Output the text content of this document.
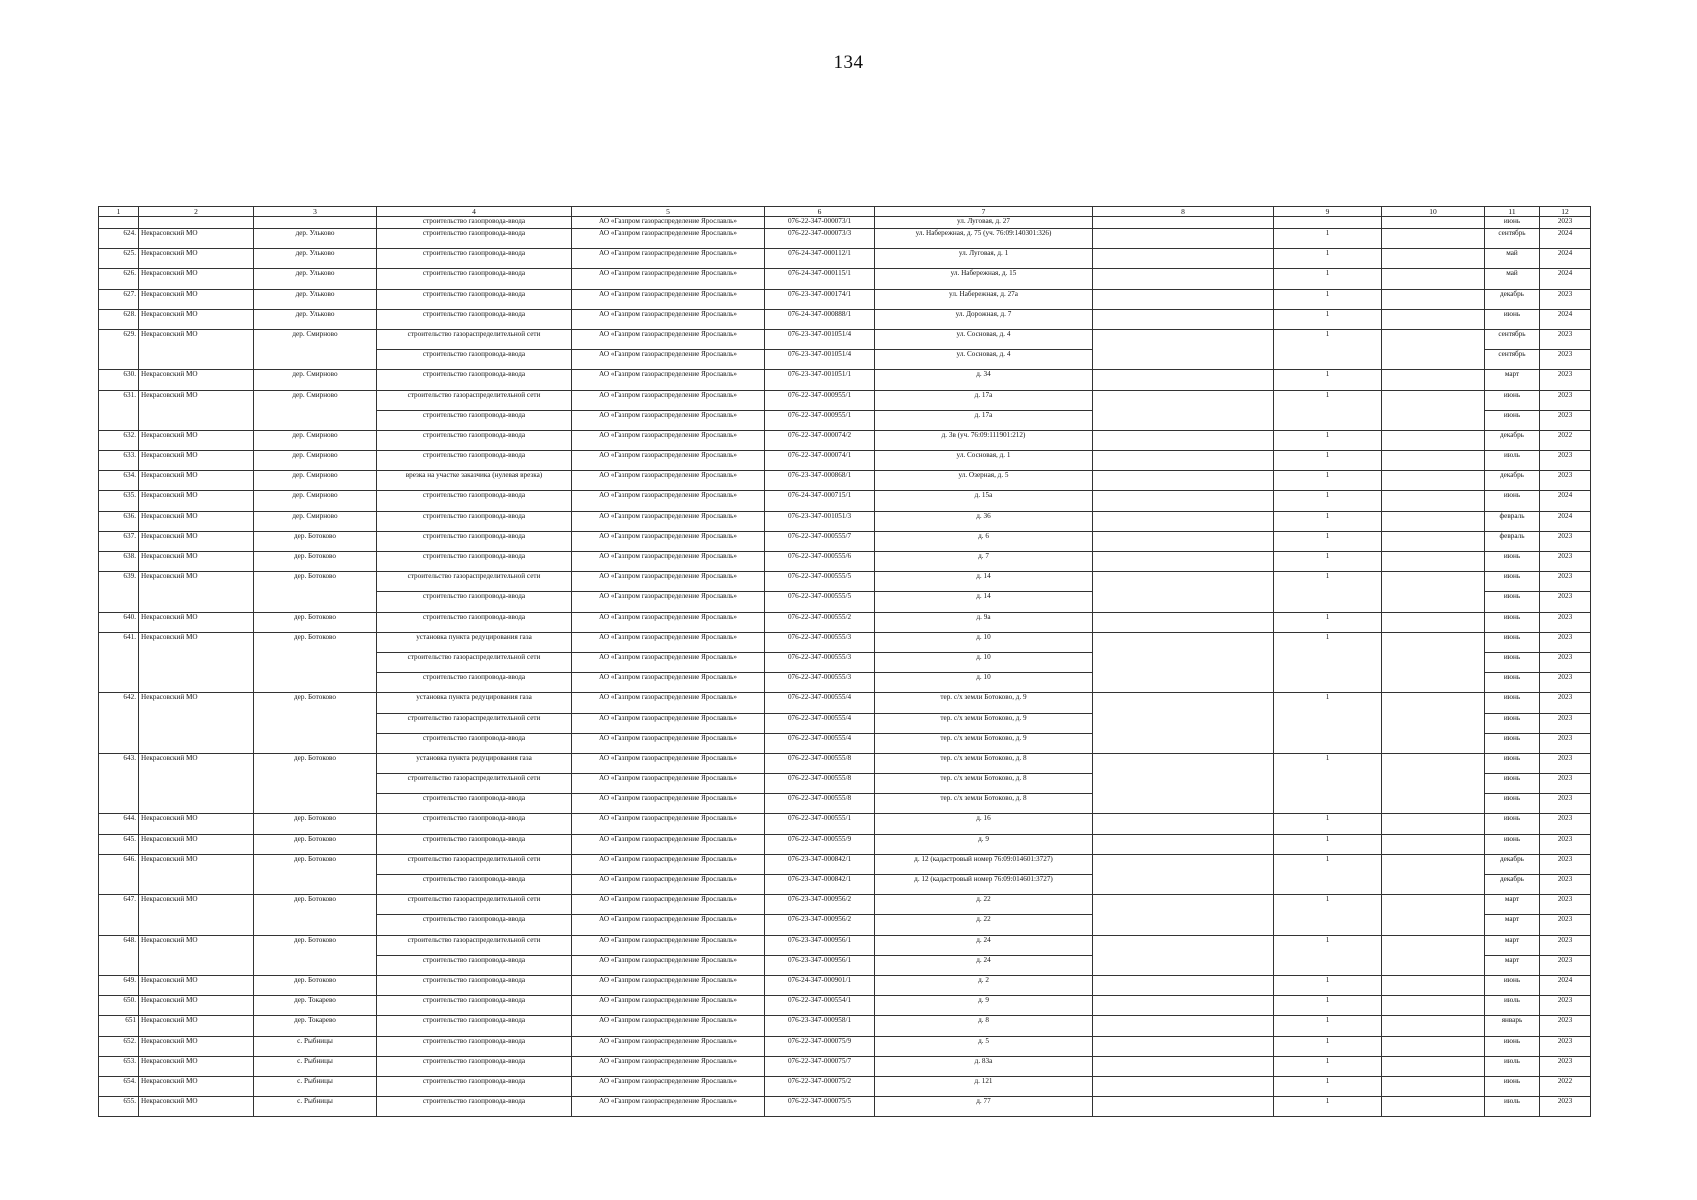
134
1	2	3	4	5	6	7	8	9	10	11	12
			строительство газопровода-ввода	АО «Газпром газораспределение Ярославль»	076-22-347-000073/1	ул. Луговая, д. 27				июнь	2023
624.	Некрасовский МО	дер. Ульково	строительство газопровода-ввода	АО «Газпром газораспределение Ярославль»	076-22-347-000073/3	ул. Набережная, д. 75 (уч. 76:09:140301:326)		1		сентябрь	2024
625.	Некрасовский МО	дер. Ульково	строительство газопровода-ввода	АО «Газпром газораспределение Ярославль»	076-24-347-000112/1	ул. Луговая, д. 1		1		май	2024
626.	Некрасовский МО	дер. Ульково	строительство газопровода-ввода	АО «Газпром газораспределение Ярославль»	076-24-347-000115/1	ул. Набережная, д. 15		1		май	2024
627.	Некрасовский МО	дер. Ульково	строительство газопровода-ввода	АО «Газпром газораспределение Ярославль»	076-23-347-000174/1	ул. Набережная, д. 27а		1		декабрь	2023
628.	Некрасовский МО	дер. Ульково	строительство газопровода-ввода	АО «Газпром газораспределение Ярославль»	076-24-347-000888/1	ул. Дорожная, д. 7		1		июнь	2024
629.	Некрасовский МО	дер. Смирново	строительство газораспределительной сети	АО «Газпром газораспределение Ярославль»	076-23-347-001051/4	ул. Сосновая, д. 4		1		сентябрь	2023
			строительство газопровода-ввода	АО «Газпром газораспределение Ярославль»	076-23-347-001051/4	ул. Сосновая, д. 4				сентябрь	2023
630.	Некрасовский МО	дер. Смирново	строительство газопровода-ввода	АО «Газпром газораспределение Ярославль»	076-23-347-001051/1	д. 34		1		март	2023
631.	Некрасовский МО	дер. Смирново	строительство газораспределительной сети	АО «Газпром газораспределение Ярославль»	076-22-347-000955/1	д. 17а		1		июнь	2023
			строительство газопровода-ввода	АО «Газпром газораспределение Ярославль»	076-22-347-000955/1	д. 17а				июнь	2023
632.	Некрасовский МО	дер. Смирново	строительство газопровода-ввода	АО «Газпром газораспределение Ярославль»	076-22-347-000074/2	д. 3в (уч. 76:09:111901:212)		1		декабрь	2022
633.	Некрасовский МО	дер. Смирново	строительство газопровода-ввода	АО «Газпром газораспределение Ярославль»	076-22-347-000074/1	ул. Сосновая, д. 1		1		июль	2023
634.	Некрасовский МО	дер. Смирново	врезка на участке заказчика (нулевая врезка)	АО «Газпром газораспределение Ярославль»	076-23-347-000868/1	ул. Озерная, д. 5		1		декабрь	2023
635.	Некрасовский МО	дер. Смирново	строительство газопровода-ввода	АО «Газпром газораспределение Ярославль»	076-24-347-000715/1	д. 15а		1		июнь	2024
636.	Некрасовский МО	дер. Смирново	строительство газопровода-ввода	АО «Газпром газораспределение Ярославль»	076-23-347-001051/3	д. 36		1		февраль	2024
637.	Некрасовский МО	дер. Ботоково	строительство газопровода-ввода	АО «Газпром газораспределение Ярославль»	076-22-347-000555/7	д. 6		1		февраль	2023
638.	Некрасовский МО	дер. Ботоково	строительство газопровода-ввода	АО «Газпром газораспределение Ярославль»	076-22-347-000555/6	д. 7		1		июнь	2023
639.	Некрасовский МО	дер. Ботоково	строительство газораспределительной сети	АО «Газпром газораспределение Ярославль»	076-22-347-000555/5	д. 14		1		июнь	2023
			строительство газопровода-ввода	АО «Газпром газораспределение Ярославль»	076-22-347-000555/5	д. 14				июнь	2023
640.	Некрасовский МО	дер. Ботоково	строительство газопровода-ввода	АО «Газпром газораспределение Ярославль»	076-22-347-000555/2	д. 9а		1		июнь	2023
641.	Некрасовский МО	дер. Ботоково	установка пункта редуцирования газа	АО «Газпром газораспределение Ярославль»	076-22-347-000555/3	д. 10		1		июнь	2023
			строительство газораспределительной сети	АО «Газпром газораспределение Ярославль»	076-22-347-000555/3	д. 10				июнь	2023
			строительство газопровода-ввода	АО «Газпром газораспределение Ярославль»	076-22-347-000555/3	д. 10				июнь	2023
642.	Некрасовский МО	дер. Ботоково	установка пункта редуцирования газа	АО «Газпром газораспределение Ярославль»	076-22-347-000555/4	тер. с/х земли Ботоково, д. 9		1		июнь	2023
			строительство газораспределительной сети	АО «Газпром газораспределение Ярославль»	076-22-347-000555/4	тер. с/х земли Ботоково, д. 9				июнь	2023
			строительство газопровода-ввода	АО «Газпром газораспределение Ярославль»	076-22-347-000555/4	тер. с/х земли Ботоково, д. 9				июнь	2023
643.	Некрасовский МО	дер. Ботоково	установка пункта редуцирования газа	АО «Газпром газораспределение Ярославль»	076-22-347-000555/8	тер. с/х земли Ботоково, д. 8		1		июнь	2023
			строительство газораспределительной сети	АО «Газпром газораспределение Ярославль»	076-22-347-000555/8	тер. с/х земли Ботоково, д. 8				июнь	2023
			строительство газопровода-ввода	АО «Газпром газораспределение Ярославль»	076-22-347-000555/8	тер. с/х земли Ботоково, д. 8				июнь	2023
644.	Некрасовский МО	дер. Ботоково	строительство газопровода-ввода	АО «Газпром газораспределение Ярославль»	076-22-347-000555/1	д. 16		1		июнь	2023
645.	Некрасовский МО	дер. Ботоково	строительство газопровода-ввода	АО «Газпром газораспределение Ярославль»	076-22-347-000555/9	д. 9		1		июнь	2023
646.	Некрасовский МО	дер. Ботоково	строительство газораспределительной сети	АО «Газпром газораспределение Ярославль»	076-23-347-000842/1	д. 12 (кадастровый номер 76:09:014601:3727)		1		декабрь	2023
			строительство газопровода-ввода	АО «Газпром газораспределение Ярославль»	076-23-347-000842/1	д. 12 (кадастровый номер 76:09:014601:3727)				декабрь	2023
647.	Некрасовский МО	дер. Ботоково	строительство газораспределительной сети	АО «Газпром газораспределение Ярославль»	076-23-347-000956/2	д. 22		1		март	2023
			строительство газопровода-ввода	АО «Газпром газораспределение Ярославль»	076-23-347-000956/2	д. 22				март	2023
648.	Некрасовский МО	дер. Ботоково	строительство газораспределительной сети	АО «Газпром газораспределение Ярославль»	076-23-347-000956/1	д. 24		1		март	2023
			строительство газопровода-ввода	АО «Газпром газораспределение Ярославль»	076-23-347-000956/1	д. 24				март	2023
649.	Некрасовский МО	дер. Ботоково	строительство газопровода-ввода	АО «Газпром газораспределение Ярославль»	076-24-347-000901/1	д. 2		1		июнь	2024
650.	Некрасовский МО	дер. Токарево	строительство газопровода-ввода	АО «Газпром газораспределение Ярославль»	076-22-347-000554/1	д. 9		1		июль	2023
651	Некрасовский МО	дер. Токарево	строительство газопровода-ввода	АО «Газпром газораспределение Ярославль»	076-23-347-000958/1	д. 8		1		январь	2023
652.	Некрасовский МО	с. Рыбницы	строительство газопровода-ввода	АО «Газпром газораспределение Ярославль»	076-22-347-000075/9	д. 5		1		июнь	2023
653.	Некрасовский МО	с. Рыбницы	строительство газопровода-ввода	АО «Газпром газораспределение Ярославль»	076-22-347-000075/7	д. 83а		1		июль	2023
654.	Некрасовский МО	с. Рыбницы	строительство газопровода-ввода	АО «Газпром газораспределение Ярославль»	076-22-347-000075/2	д. 121		1		июнь	2022
655.	Некрасовский МО	с. Рыбницы	строительство газопровода-ввода	АО «Газпром газораспределение Ярославль»	076-22-347-000075/5	д. 77		1		июль	2023
